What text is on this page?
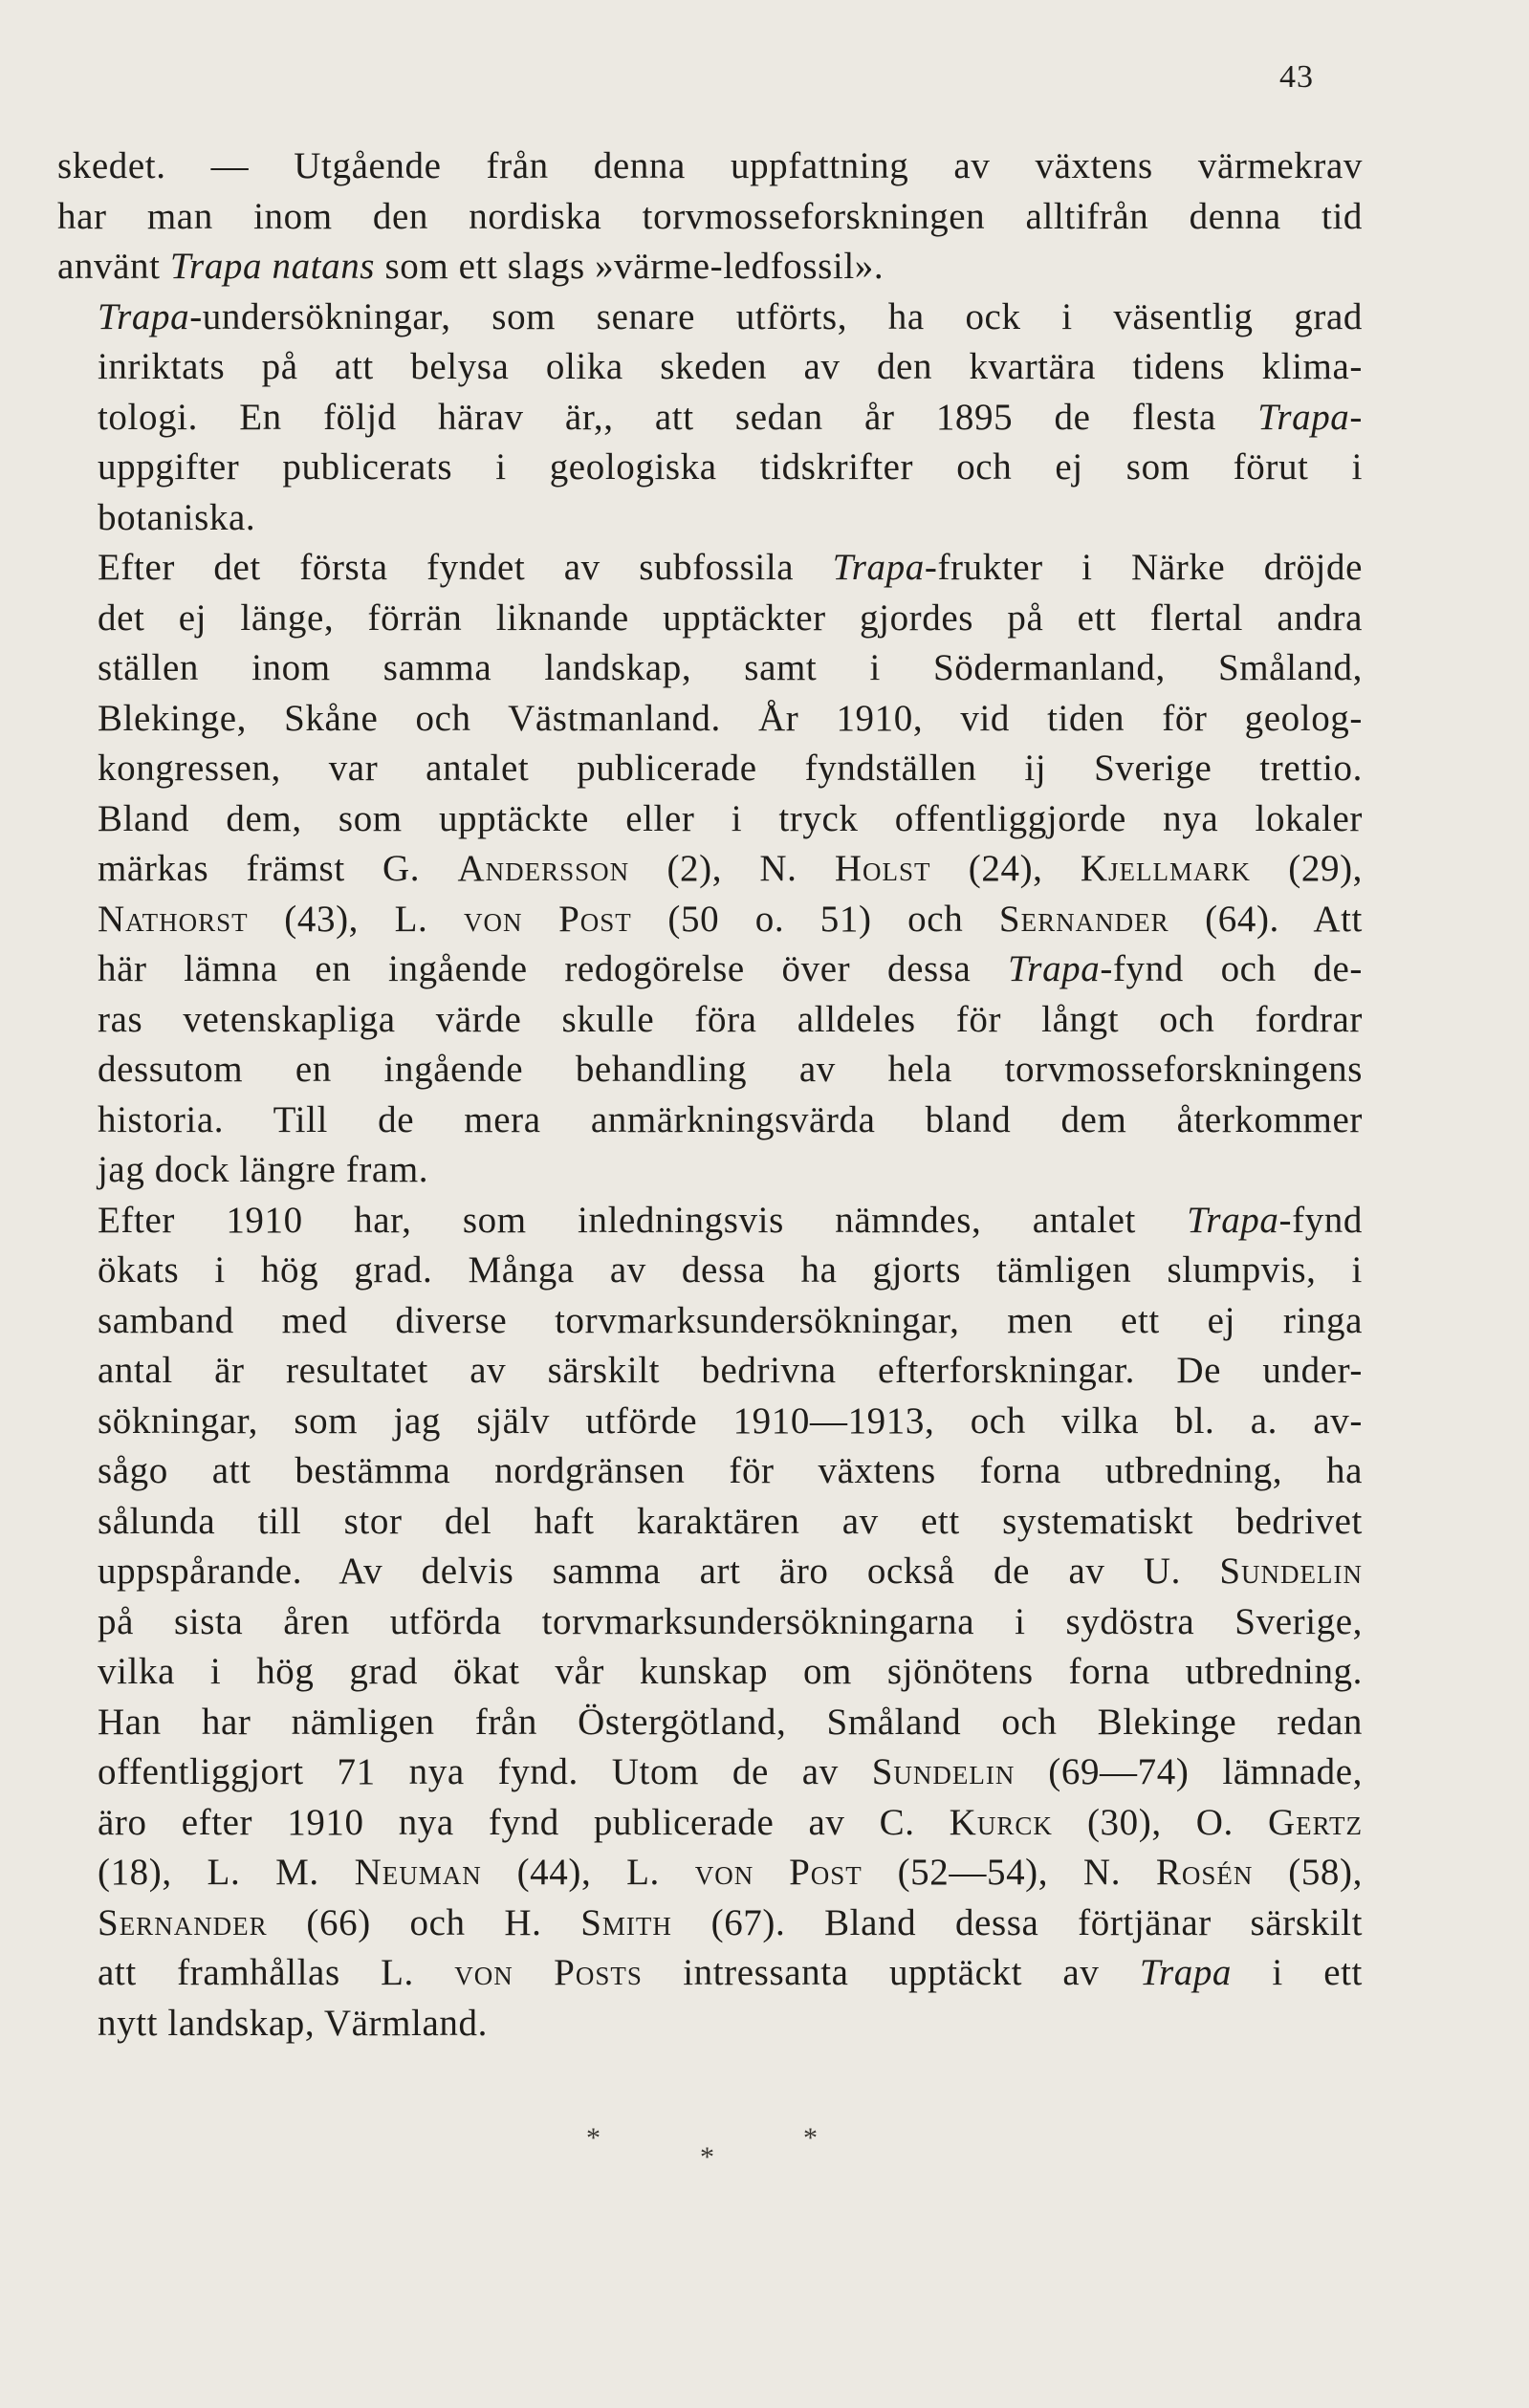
43

skedet. — Utgående från denna uppfattning av växtens värmekrav
har man inom den nordiska torvmosseforskningen alltifrån denna tid
använt Trapa natans som ett slags »värme-ledfossil».

Trapa-undersökningar, som senare utförts, ha ock i väsentlig grad
inriktats på att belysa olika skeden av den kvartära tidens klima-
tologi. En följd härav är,, att sedan år 1895 de flesta Trapa-
uppgifter publicerats i geologiska tidskrifter och ej som förut i
botaniska.

Efter det första fyndet av subfossila Trapa-frukter i Närke dröjde
det ej länge, förrän liknande upptäckter gjordes på ett flertal andra
ställen inom samma landskap, samt i Södermanland, Småland,
Blekinge, Skåne och Västmanland. År 1910, vid tiden för geolog-
kongressen, var antalet publicerade fyndställen ij Sverige trettio.
Bland dem, som upptäckte eller i tryck offentliggjorde nya lokaler
märkas främst G. Andersson (2), N. Holst (24), Kjellmark (29),
Nathorst (43), L. von Post (50 o. 51) och Sernander (64). Att
här lämna en ingående redogörelse över dessa Trapa-fynd och de-
ras vetenskapliga värde skulle föra alldeles för långt och fordrar
dessutom en ingående behandling av hela torvmosseforskningens
historia. Till de mera anmärkningsvärda bland dem återkommer
jag dock längre fram.

Efter 1910 har, som inledningsvis nämndes, antalet Trapa-fynd
ökats i hög grad. Många av dessa ha gjorts tämligen slumpvis, i
samband med diverse torvmarksundersökningar, men ett ej ringa
antal är resultatet av särskilt bedrivna efterforskningar. De under-
sökningar, som jag själv utförde 1910—1913, och vilka bl. a. av-
sågo att bestämma nordgränsen för växtens forna utbredning, ha
sålunda till stor del haft karaktären av ett systematiskt bedrivet
uppspårande. Av delvis samma art äro också de av U. Sundelin
på sista åren utförda torvmarksundersökningarna i sydöstra Sverige,
vilka i hög grad ökat vår kunskap om sjönötens forna utbredning.
Han har nämligen från Östergötland, Småland och Blekinge redan
offentliggjort 71 nya fynd. Utom de av Sundelin (69—74) lämnade,
äro efter 1910 nya fynd publicerade av C. Kurck (30), O. Gertz
(18), L. M. Neuman (44), L. von Post (52—54), N. Rosén (58),
Sernander (66) och H. Smith (67). Bland dessa förtjänar särskilt
att framhållas L. von Posts intressanta upptäckt av Trapa i ett
nytt landskap, Värmland.

*
*
*
